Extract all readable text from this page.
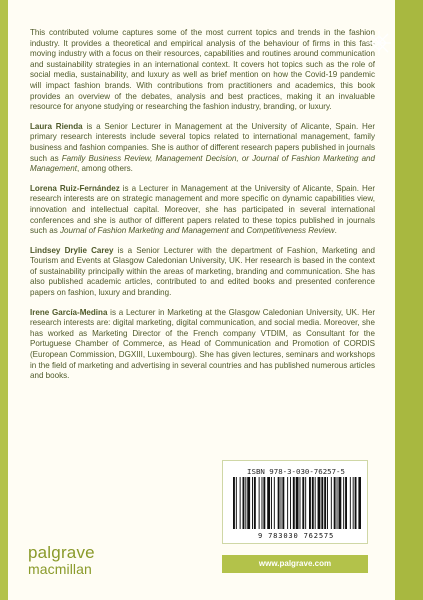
This contributed volume captures some of the most current topics and trends in the fashion industry. It provides a theoretical and empirical analysis of the behaviour of firms in this fast-moving industry with a focus on their resources, capabilities and routines around communication and sustainability strategies in an international context. It covers hot topics such as the role of social media, sustainability, and luxury as well as brief mention on how the Covid-19 pandemic will impact fashion brands. With contributions from practitioners and academics, this book provides an overview of the debates, analysis and best practices, making it an invaluable resource for anyone studying or researching the fashion industry, branding, or luxury.

Laura Rienda is a Senior Lecturer in Management at the University of Alicante, Spain. Her primary research interests include several topics related to international management, family business and fashion companies. She is author of different research papers published in journals such as Family Business Review, Management Decision, or Journal of Fashion Marketing and Management, among others.

Lorena Ruiz-Fernández is a Lecturer in Management at the University of Alicante, Spain. Her research interests are on strategic management and more specific on dynamic capabilities view, innovation and intellectual capital. Moreover, she has participated in several international conferences and she is author of different papers related to these topics published in journals such as Journal of Fashion Marketing and Management and Competitiveness Review.

Lindsey Drylie Carey is a Senior Lecturer with the department of Fashion, Marketing and Tourism and Events at Glasgow Caledonian University, UK. Her research is based in the context of sustainability principally within the areas of marketing, branding and communication. She has also published academic articles, contributed to and edited books and presented conference papers on fashion, luxury and branding.

Irene García-Medina is a Lecturer in Marketing at the Glasgow Caledonian University, UK. Her research interests are: digital marketing, digital communication, and social media. Moreover, she has worked as Marketing Director of the French company VTDIM, as Consultant for the Portuguese Chamber of Commerce, as Head of Communication and Promotion of CORDIS (European Commission, DGXIII, Luxembourg). She has given lectures, seminars and workshops in the field of marketing and advertising in several countries and has published numerous articles and books.

ISBN 978-3-030-76257-5
9 783030 762575
www.palgrave.com
palgrave
macmillan
